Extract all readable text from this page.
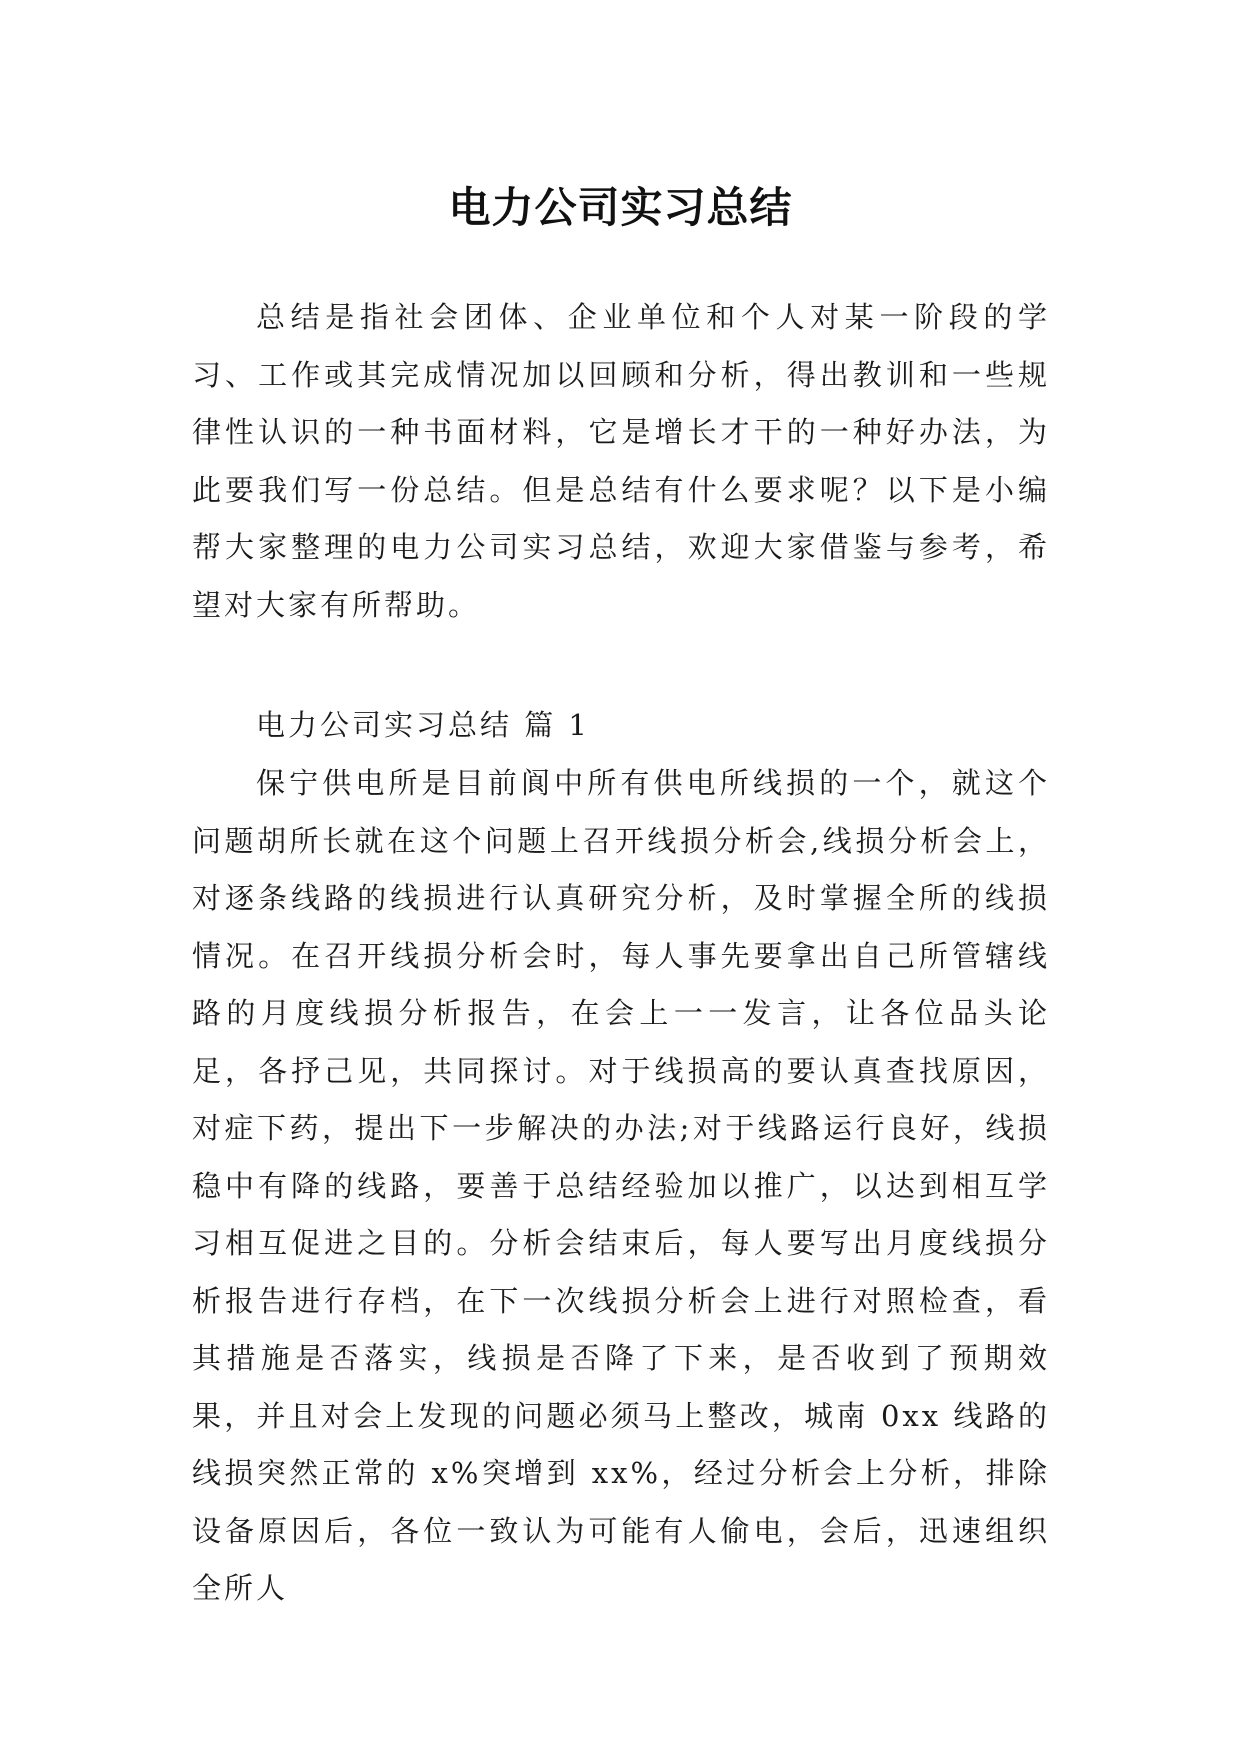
电力公司实习总结

总结是指社会团体、企业单位和个人对某一阶段的学习、工作或其完成情况加以回顾和分析，得出教训和一些规律性认识的一种书面材料，它是增长才干的一种好办法，为此要我们写一份总结。但是总结有什么要求呢？以下是小编帮大家整理的电力公司实习总结，欢迎大家借鉴与参考，希望对大家有所帮助。

电力公司实习总结 篇 1

保宁供电所是目前阆中所有供电所线损的一个，就这个问题胡所长就在这个问题上召开线损分析会,线损分析会上，对逐条线路的线损进行认真研究分析，及时掌握全所的线损情况。在召开线损分析会时，每人事先要拿出自己所管辖线路的月度线损分析报告，在会上一一发言，让各位品头论足，各抒己见，共同探讨。对于线损高的要认真查找原因，对症下药，提出下一步解决的办法;对于线路运行良好，线损稳中有降的线路，要善于总结经验加以推广，以达到相互学习相互促进之目的。分析会结束后，每人要写出月度线损分析报告进行存档，在下一次线损分析会上进行对照检查，看其措施是否落实，线损是否降了下来，是否收到了预期效果，并且对会上发现的问题必须马上整改，城南 0xx 线路的线损突然正常的 x%突增到 xx%，经过分析会上分析，排除设备原因后，各位一致认为可能有人偷电，会后，迅速组织全所人
